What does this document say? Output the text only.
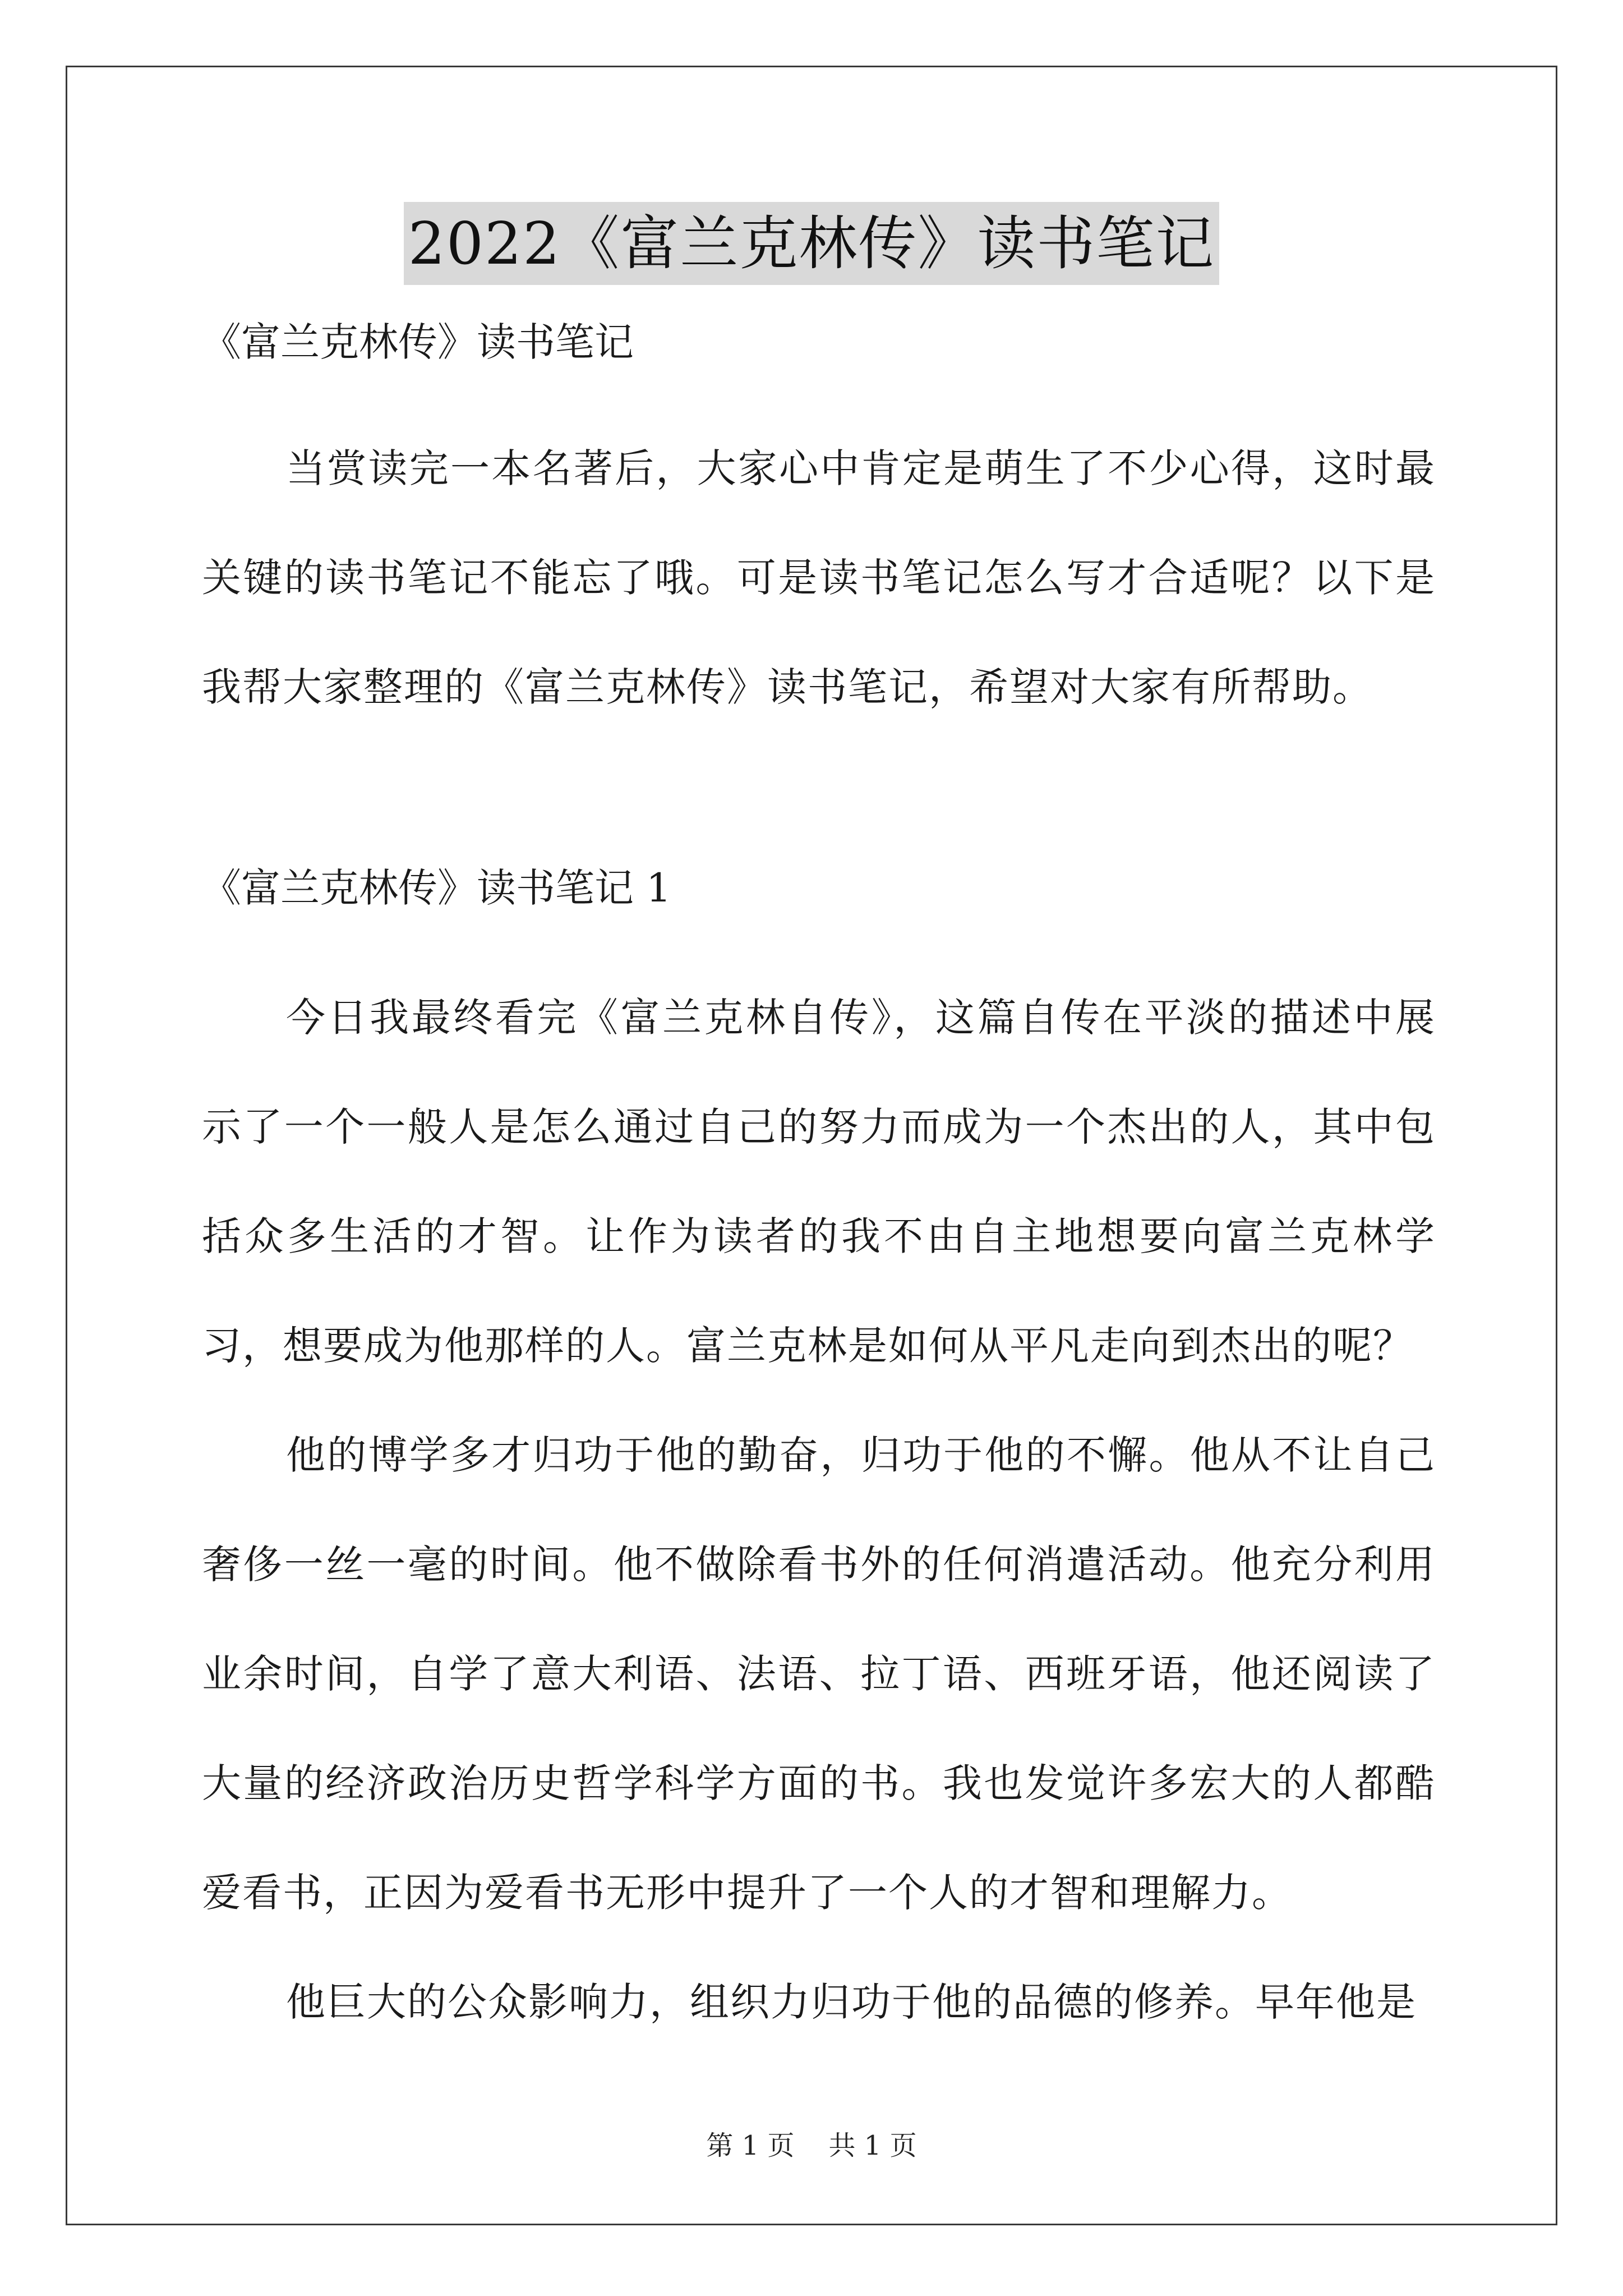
2022《富兰克林传》读书笔记

《富兰克林传》读书笔记

当赏读完一本名著后，大家心中肯定是萌生了不少心得，这时最关键的读书笔记不能忘了哦。可是读书笔记怎么写才合适呢？以下是我帮大家整理的《富兰克林传》读书笔记，希望对大家有所帮助。

《富兰克林传》读书笔记 1

今日我最终看完《富兰克林自传》，这篇自传在平淡的描述中展示了一个一般人是怎么通过自己的努力而成为一个杰出的人，其中包括众多生活的才智。让作为读者的我不由自主地想要向富兰克林学习，想要成为他那样的人。富兰克林是如何从平凡走向到杰出的呢？

他的博学多才归功于他的勤奋，归功于他的不懈。他从不让自己奢侈一丝一毫的时间。他不做除看书外的任何消遣活动。他充分利用业余时间，自学了意大利语、法语、拉丁语、西班牙语，他还阅读了大量的经济政治历史哲学科学方面的书。我也发觉许多宏大的人都酷爱看书，正因为爱看书无形中提升了一个人的才智和理解力。

他巨大的公众影响力，组织力归功于他的品德的修养。早年他是

第 1 页    共 1 页
